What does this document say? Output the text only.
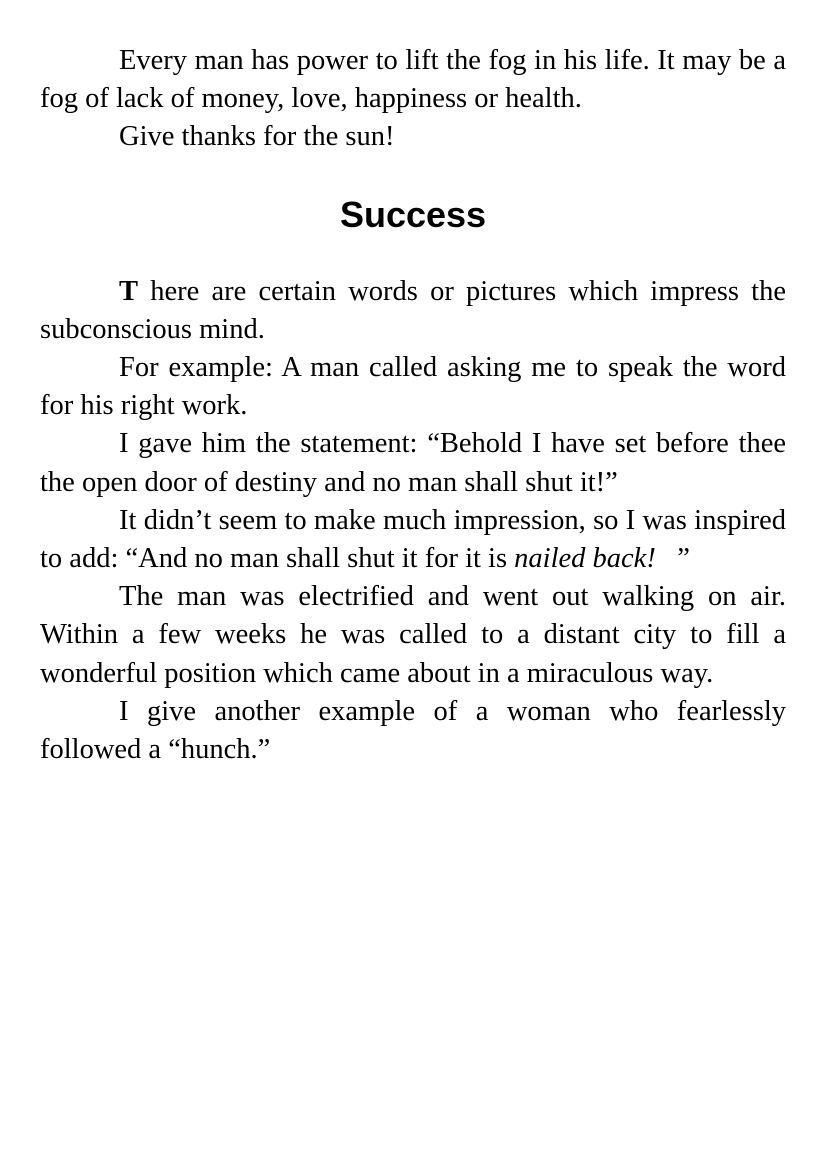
Every man has power to lift the fog in his life. It may be a fog of lack of money, love, happiness or health.

Give thanks for the sun!

Success

T here are certain words or pictures which impress the subconscious mind.

For example: A man called asking me to speak the word for his right work.

I gave him the statement: “Behold I have set before thee the open door of destiny and no man shall shut it!”

It didn’t seem to make much impression, so I was inspired to add: “And no man shall shut it for it is nailed back!   ”

The man was electrified and went out walking on air. Within a few weeks he was called to a distant city to fill a wonderful position which came about in a miraculous way.

I give another example of a woman who fearlessly followed a “hunch.”
